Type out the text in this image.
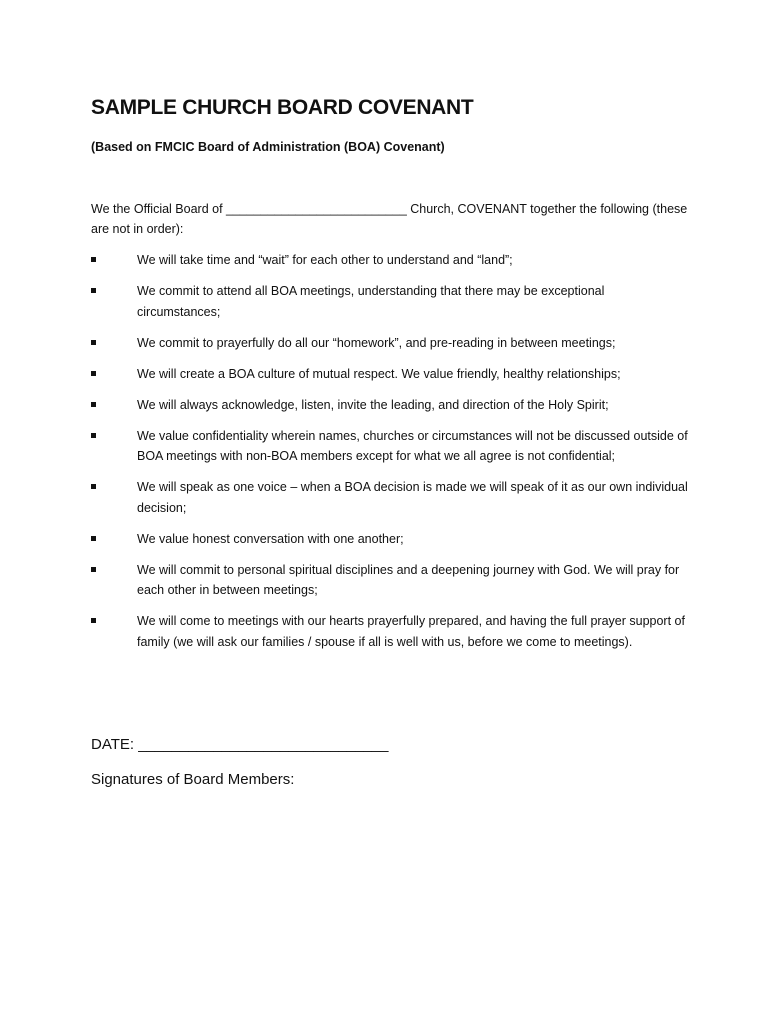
SAMPLE CHURCH BOARD COVENANT

(Based on FMCIC Board of Administration (BOA) Covenant)

We the Official Board of __________________________ Church, COVENANT together the following (these are not in order):

We will take time and “wait” for each other to understand and “land”;
We commit to attend all BOA meetings, understanding that there may be exceptional circumstances;
We commit to prayerfully do all our “homework”, and pre-reading in between meetings;
We will create a BOA culture of mutual respect. We value friendly, healthy relationships;
We will always acknowledge, listen, invite the leading, and direction of the Holy Spirit;
We value confidentiality wherein names, churches or circumstances will not be discussed outside of BOA meetings with non-BOA members except for what we all agree is not confidential;
We will speak as one voice – when a BOA decision is made we will speak of it as our own individual decision;
We value honest conversation with one another;
We will commit to personal spiritual disciplines and a deepening journey with God. We will pray for each other in between meetings;
We will come to meetings with our hearts prayerfully prepared, and having the full prayer support of family (we will ask our families / spouse if all is well with us, before we come to meetings).

DATE: ______________________________

Signatures of Board Members:
